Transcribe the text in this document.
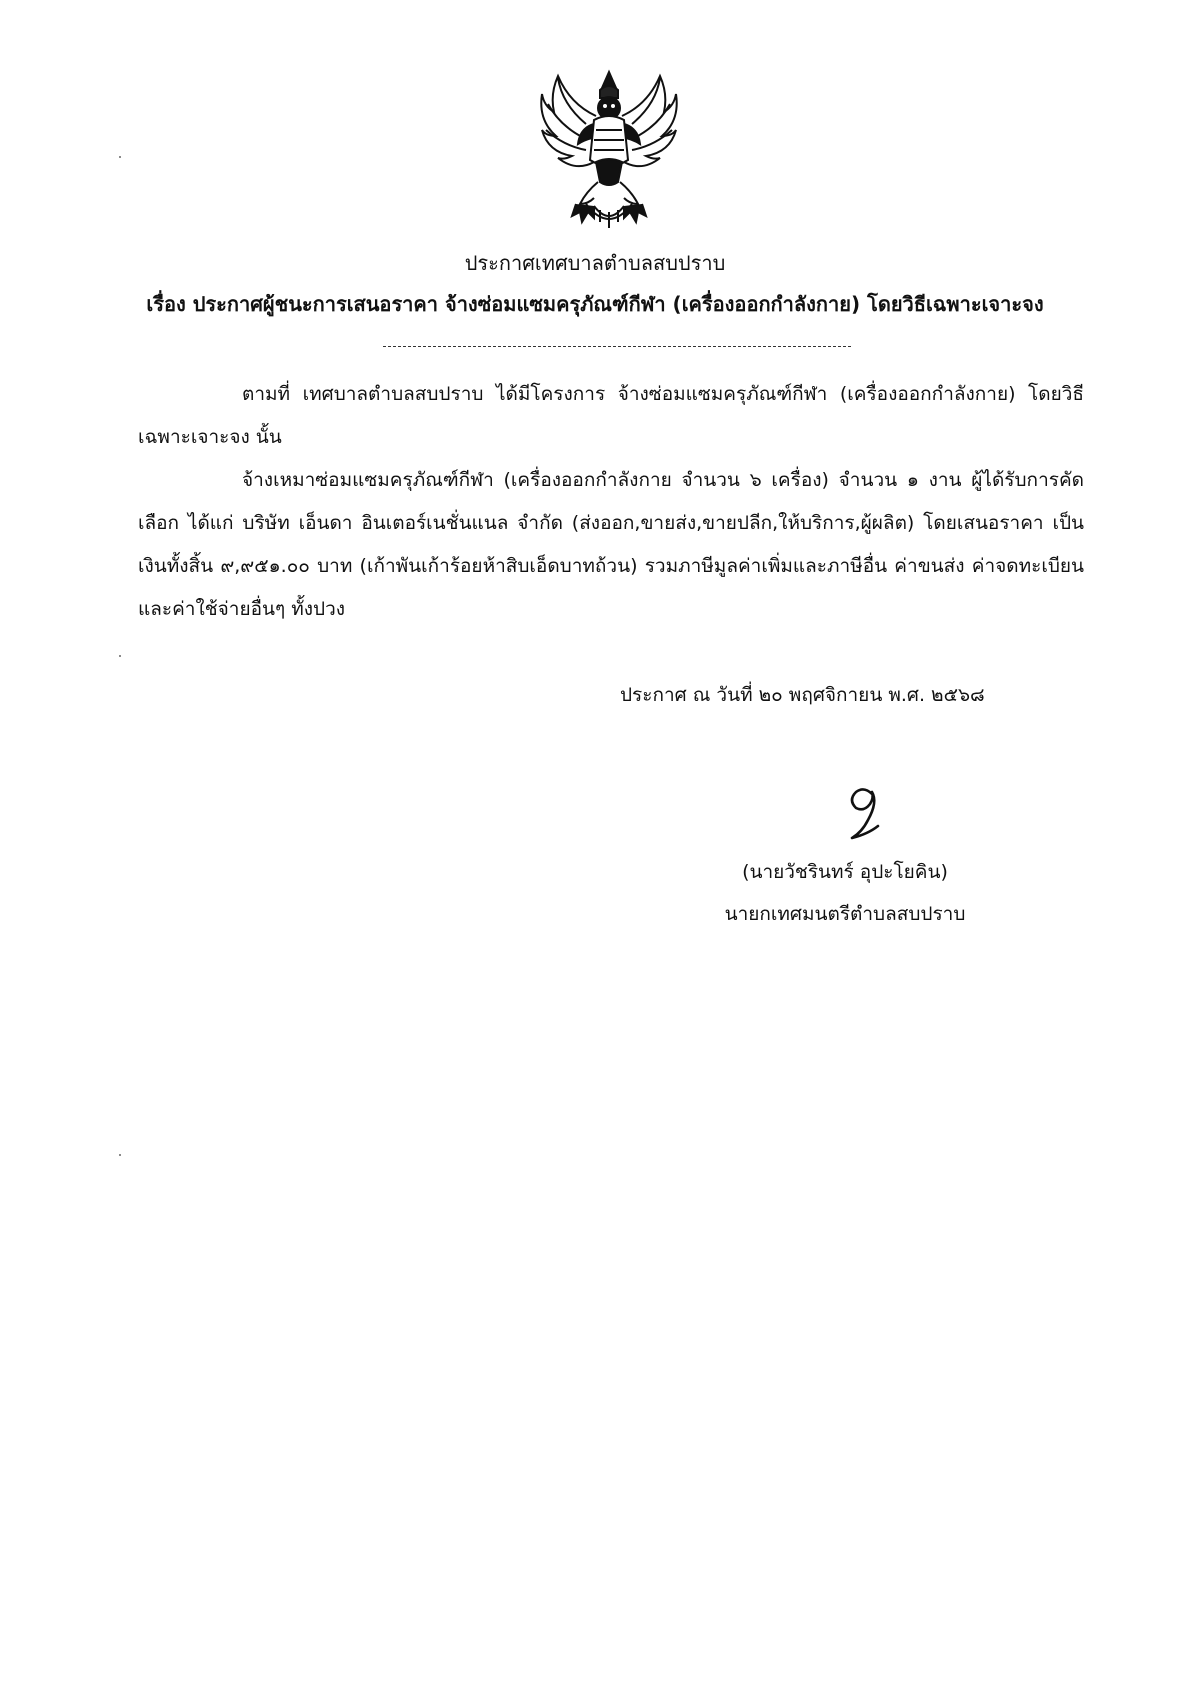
ประกาศเทศบาลตำบลสบปราบ
เรื่อง ประกาศผู้ชนะการเสนอราคา จ้างซ่อมแซมครุภัณฑ์กีฬา (เครื่องออกกำลังกาย) โดยวิธีเฉพาะเจาะจง
ตามที่ เทศบาลตำบลสบปราบ ได้มีโครงการ จ้างซ่อมแซมครุภัณฑ์กีฬา (เครื่องออกกำลังกาย) โดยวิธีเฉพาะเจาะจง นั้น
จ้างเหมาซ่อมแซมครุภัณฑ์กีฬา (เครื่องออกกำลังกาย จำนวน ๖ เครื่อง) จำนวน ๑ งาน ผู้ได้รับการคัดเลือก ได้แก่ บริษัท เอ็นดา อินเตอร์เนชั่นแนล จำกัด (ส่งออก,ขายส่ง,ขายปลีก,ให้บริการ,ผู้ผลิต) โดยเสนอราคา เป็นเงินทั้งสิ้น ๙,๙๕๑.๐๐ บาท (เก้าพันเก้าร้อยห้าสิบเอ็ดบาทถ้วน) รวมภาษีมูลค่าเพิ่มและภาษีอื่น ค่าขนส่ง ค่าจดทะเบียน และค่าใช้จ่ายอื่นๆ ทั้งปวง
ประกาศ ณ วันที่ ๒๐ พฤศจิกายน พ.ศ. ๒๕๖๘
(นายวัชรินทร์ อุปะโยคิน)
นายกเทศมนตรีตำบลสบปราบ
